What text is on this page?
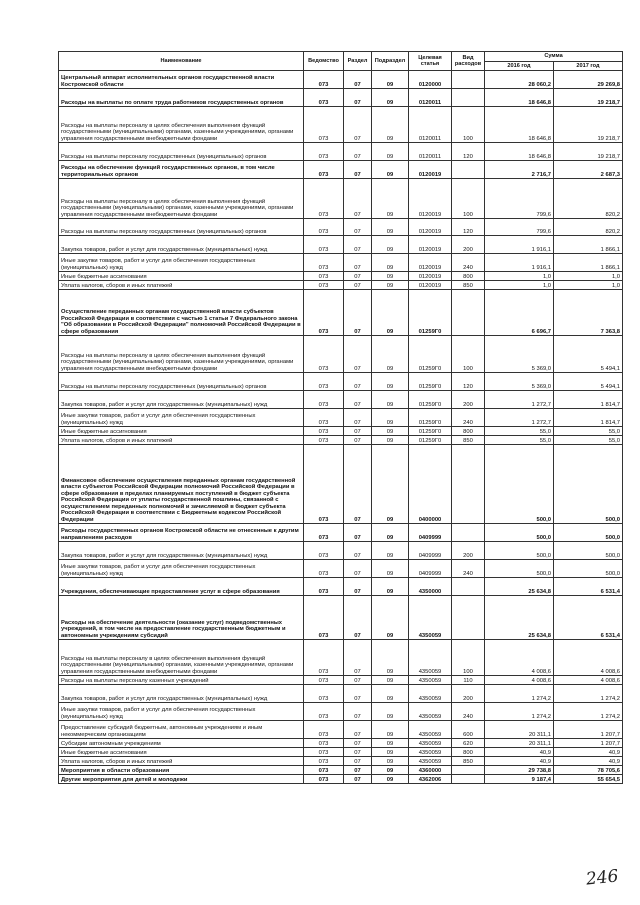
Наименование	Ведомство	Раздел	Подраздел	Целевая статья	Вид расходов	Сумма	
						2016 год	2017 год
Центральный аппарат исполнительных органов государственной власти Костромской области	073	07	09	0120000		28 060,2	29 269,8
Расходы на выплаты по оплате труда работников государственных органов	073	07	09	0120011		18 646,8	19 218,7
Расходы на выплаты персоналу в целях обеспечения выполнения функций государственными (муниципальными) органами, казенными учреждениями, органами управления государственными внебюджетными фондами	073	07	09	0120011	100	18 646,8	19 218,7
Расходы на выплаты персоналу государственных (муниципальных) органов	073	07	09	0120011	120	18 646,8	19 218,7
Расходы на обеспечение функций государственных органов, в том числе территориальных органов	073	07	09	0120019		2 716,7	2 687,3
Расходы на выплаты персоналу в целях обеспечения выполнения функций государственными (муниципальными) органами, казенными учреждениями, органами управления государственными внебюджетными фондами	073	07	09	0120019	100	799,6	820,2
Расходы на выплаты персоналу государственных (муниципальных) органов	073	07	09	0120019	120	799,6	820,2
Закупка товаров, работ и услуг для государственных (муниципальных) нужд	073	07	09	0120019	200	1 916,1	1 866,1
Иные закупки товаров, работ и услуг для обеспечения государственных (муниципальных) нужд	073	07	09	0120019	240	1 916,1	1 866,1
Иные бюджетные ассигнования	073	07	09	0120019	800	1,0	1,0
Уплата налогов, сборов и иных платежей	073	07	09	0120019	850	1,0	1,0
Осуществление переданных органам государственной власти субъектов Российской Федерации в соответствии с частью 1 статьи 7 Федерального закона "Об образовании в Российской Федерации" полномочий Российской Федерации в сфере образования	073	07	09	01259Г0		6 696,7	7 363,8
Расходы на выплаты персоналу в целях обеспечения выполнения функций государственными (муниципальными) органами, казенными учреждениями, органами управления государственными внебюджетными фондами	073	07	09	01259Г0	100	5 369,0	5 494,1
Расходы на выплаты персоналу государственных (муниципальных) органов	073	07	09	01259Г0	120	5 369,0	5 494,1
Закупка товаров, работ и услуг для государственных (муниципальных) нужд	073	07	09	01259Г0	200	1 272,7	1 814,7
Иные закупки товаров, работ и услуг для обеспечения государственных (муниципальных) нужд	073	07	09	01259Г0	240	1 272,7	1 814,7
Иные бюджетные ассигнования	073	07	09	01259Г0	800	55,0	55,0
Уплата налогов, сборов и иных платежей	073	07	09	01259Г0	850	55,0	55,0
Финансовое обеспечение осуществления переданных органам государственной власти субъектов Российской Федерации полномочий Российской Федерации в сфере образования в пределах планируемых поступлений в бюджет субъекта Российской Федерации от уплаты государственной пошлины, связанной с осуществлением переданных полномочий и зачисляемой в бюджет субъекта Российской Федерации в соответствии с Бюджетным кодексом Российской Федерации	073	07	09	0400000		500,0	500,0
Расходы государственных органов Костромской области не отнесенные к другим направлениям расходов	073	07	09	0409999		500,0	500,0
Закупка товаров, работ и услуг для государственных (муниципальных) нужд	073	07	09	0409999	200	500,0	500,0
Иные закупки товаров, работ и услуг для обеспечения государственных (муниципальных) нужд	073	07	09	0409999	240	500,0	500,0
Учреждения, обеспечивающие предоставление услуг в сфере образования	073	07	09	4350000		25 634,8	6 531,4
Расходы на обеспечение деятельности (оказание услуг) подведомственных учреждений, в том числе на предоставление государственным бюджетным и автономным учреждениям субсидий	073	07	09	4350059		25 634,8	6 531,4
Расходы на выплаты персоналу в целях обеспечения выполнения функций государственными (муниципальными) органами, казенными учреждениями, органами управления государственными внебюджетными фондами	073	07	09	4350059	100	4 008,6	4 008,6
Расходы на выплаты персоналу казенных учреждений	073	07	09	4350059	110	4 008,6	4 008,6
Закупка товаров, работ и услуг для государственных (муниципальных) нужд	073	07	09	4350059	200	1 274,2	1 274,2
Иные закупки товаров, работ и услуг для обеспечения государственных (муниципальных) нужд	073	07	09	4350059	240	1 274,2	1 274,2
Предоставление субсидий бюджетным, автономным учреждениям и иным некоммерческим организациям	073	07	09	4350059	600	20 311,1	1 207,7
Субсидии автономным учреждениям	073	07	09	4350059	620	20 311,1	1 207,7
Иные бюджетные ассигнования	073	07	09	4350059	800	40,9	40,9
Уплата налогов, сборов и иных платежей	073	07	09	4350059	850	40,9	40,9
Мероприятия в области образования	073	07	09	4360000		29 738,8	78 705,6
Другие мероприятия для детей и молодежи	073	07	09	4362006		9 187,4	55 654,5
246
